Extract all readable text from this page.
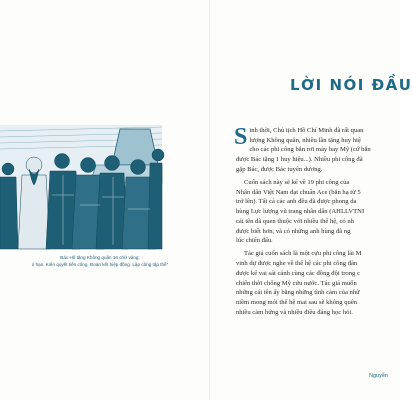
Bác Hồ tặng Không quân 16 chữ vàng:
ó hạn. Kiên quyết tiến công. Đoàn kết hiệp đồng. Lập công tập thể"
LỜI NÓI ĐẦU

S inh thời, Chủ tịch Hồ Chí Minh đã rất quan
lượng Không quân, nhiều lần tặng huy hiệ
cho các phi công bắn rơi máy bay Mỹ (cứ bắn
được Bác tặng 1 huy hiệu...). Nhiều phi công đã
gặp Bác, được Bác tuyên dương.

Cuốn sách này sẽ kể về 19 phi công của
Nhân dân Việt Nam đạt chuẩn Ace (bắn hạ từ 5
trở lên). Tất cả các anh đều đã được phong da
hùng Lực lượng vũ trang nhân dân (AHLLVTNI
cái tên đã quen thuộc với nhiều thế hệ, có nh
được biết hơn, và có những anh hùng đã ng
lúc chiến đấu.

Tác giả cuốn sách là một cựu phi công lái M
vinh dự được nghe về thế hệ các phi công đàn
được kể vai sát cánh cùng các đồng đội trong c
chiến thời chống Mỹ cứu nước. Tác giả muốn
những cái tên ấy bằng những tình cảm của nhữ
niềm mong mỏi thế hệ mai sau sẽ không quên
nhiều cảm hứng và nhiều điều đáng học hỏi.

Nguyễn
